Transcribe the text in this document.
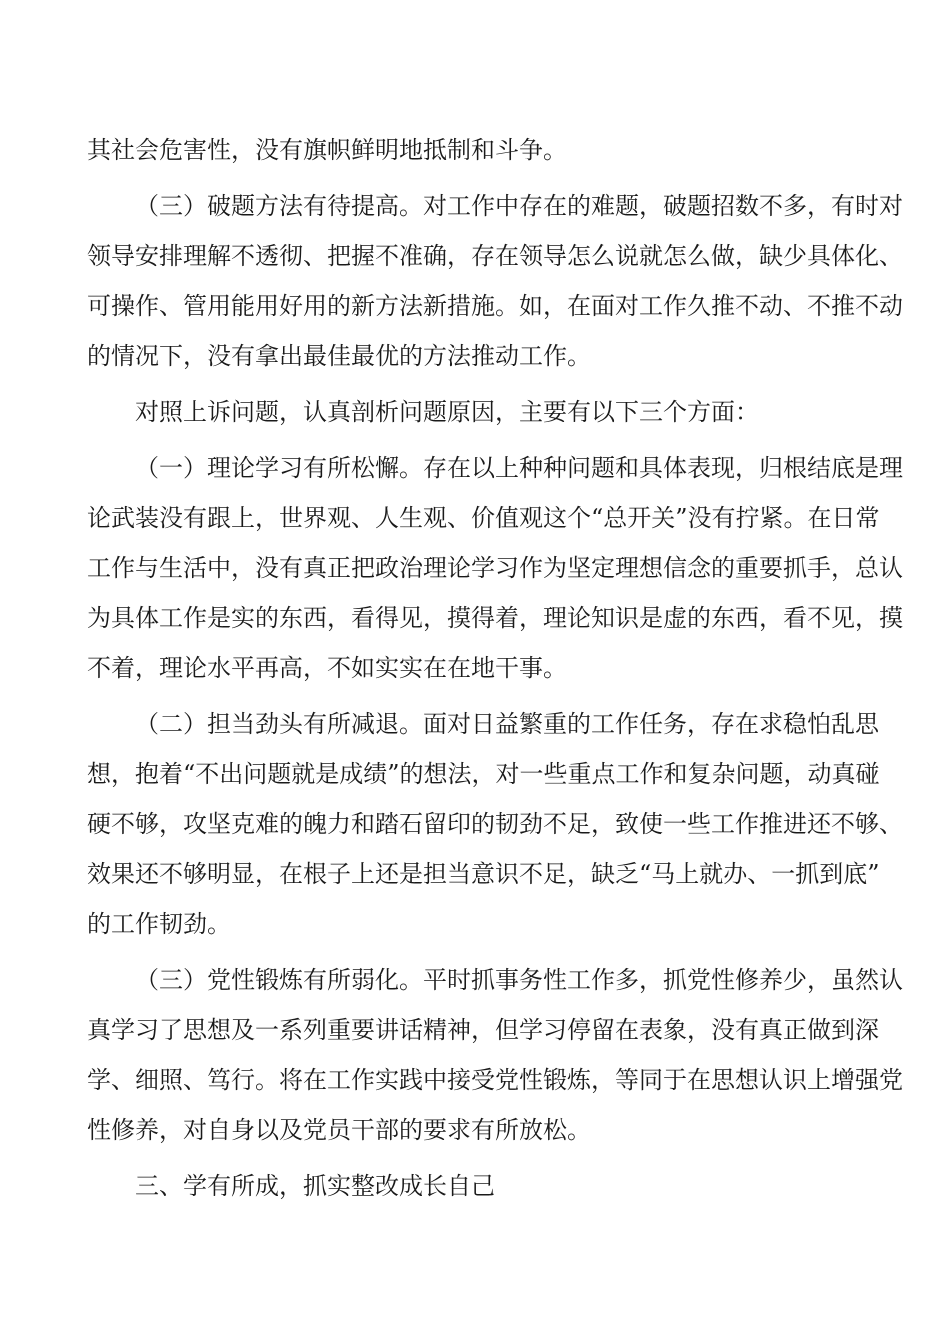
其社会危害性，没有旗帜鲜明地抵制和斗争。
（三）破题方法有待提高。对工作中存在的难题，破题招数不多，有时对
领导安排理解不透彻、把握不准确，存在领导怎么说就怎么做，缺少具体化、
可操作、管用能用好用的新方法新措施。如，在面对工作久推不动、不推不动
的情况下，没有拿出最佳最优的方法推动工作。
对照上诉问题，认真剖析问题原因，主要有以下三个方面：
（一）理论学习有所松懈。存在以上种种问题和具体表现，归根结底是理
论武装没有跟上，世界观、人生观、价值观这个“总开关”没有拧紧。在日常
工作与生活中，没有真正把政治理论学习作为坚定理想信念的重要抓手，总认
为具体工作是实的东西，看得见，摸得着，理论知识是虚的东西，看不见，摸
不着，理论水平再高，不如实实在在地干事。
（二）担当劲头有所减退。面对日益繁重的工作任务，存在求稳怕乱思
想，抱着“不出问题就是成绩”的想法，对一些重点工作和复杂问题，动真碰
硬不够，攻坚克难的魄力和踏石留印的韧劲不足，致使一些工作推进还不够、
效果还不够明显，在根子上还是担当意识不足，缺乏“马上就办、一抓到底”
的工作韧劲。
（三）党性锻炼有所弱化。平时抓事务性工作多，抓党性修养少，虽然认
真学习了思想及一系列重要讲话精神，但学习停留在表象，没有真正做到深
学、细照、笃行。将在工作实践中接受党性锻炼，等同于在思想认识上增强党
性修养，对自身以及党员干部的要求有所放松。
三、学有所成，抓实整改成长自己
